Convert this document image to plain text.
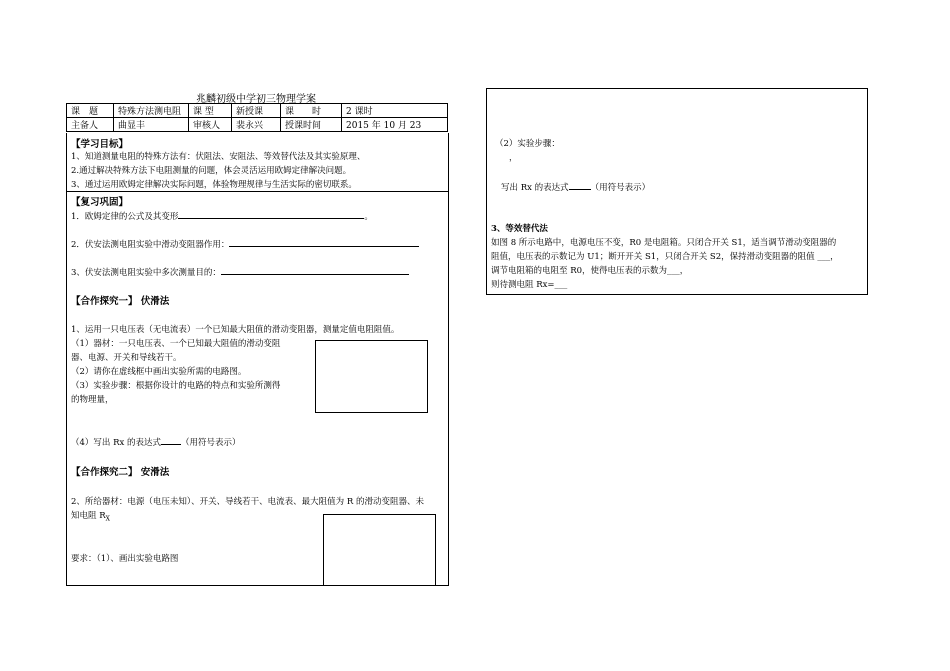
兆麟初级中学初三物理学案
课　题	特殊方法测电阻	课 型	新授课	课　　时	2 课时
主备人	曲显丰	审核人	裴永兴	授课时间	2015 年 10 月 23
【学习目标】
1、知道测量电阻的特殊方法有：伏阻法、安阻法、等效替代法及其实验原理、
2.通过解决特殊方法下电阻测量的问题，体会灵活运用欧姆定律解决问题。
3、通过运用欧姆定律解决实际问题，体验物理规律与生活实际的密切联系。
【复习巩固】
1．欧姆定律的公式及其变形	。
2．伏安法测电阻实验中滑动变阻器作用：
3、伏安法测电阻实验中多次测量目的：
【合作探究一】 伏滑法
1、运用一只电压表（无电流表）一个已知最大阻值的滑动变阻器，测量定值电阻阻值。
（1）器材：一只电压表、一个已知最大阻值的滑动变阻
器、电源、开关和导线若干。
（2）请你在虚线框中画出实验所需的电路图。
（3）实验步骤：根据你设计的电路的特点和实验所测得
的物理量，
（4）写出 Rx 的表达式 （用符号表示）
【合作探究二】 安滑法
2、所给器材：电源（电压未知）、开关、导线若干、电流表、最大阻值为 R 的滑动变阻器、未
知电阻 $R_X$
要求：（1）、画出实验电路图
（2）实验步骤：
，
写出 Rx 的表达式	（用符号表示）
3、等效替代法
如图 8 所示电路中，电源电压不变，R0 是电阻箱。只闭合开关 S1，适当调节滑动变阻器的
阻值，电压表的示数记为 U1；断开开关 S1，只闭合开关 S2，保持滑动变阻器的阻值 ___，
调节电阻箱的电阻至 R0，使得电压表的示数为___，
则待测电阻 Rx=___
